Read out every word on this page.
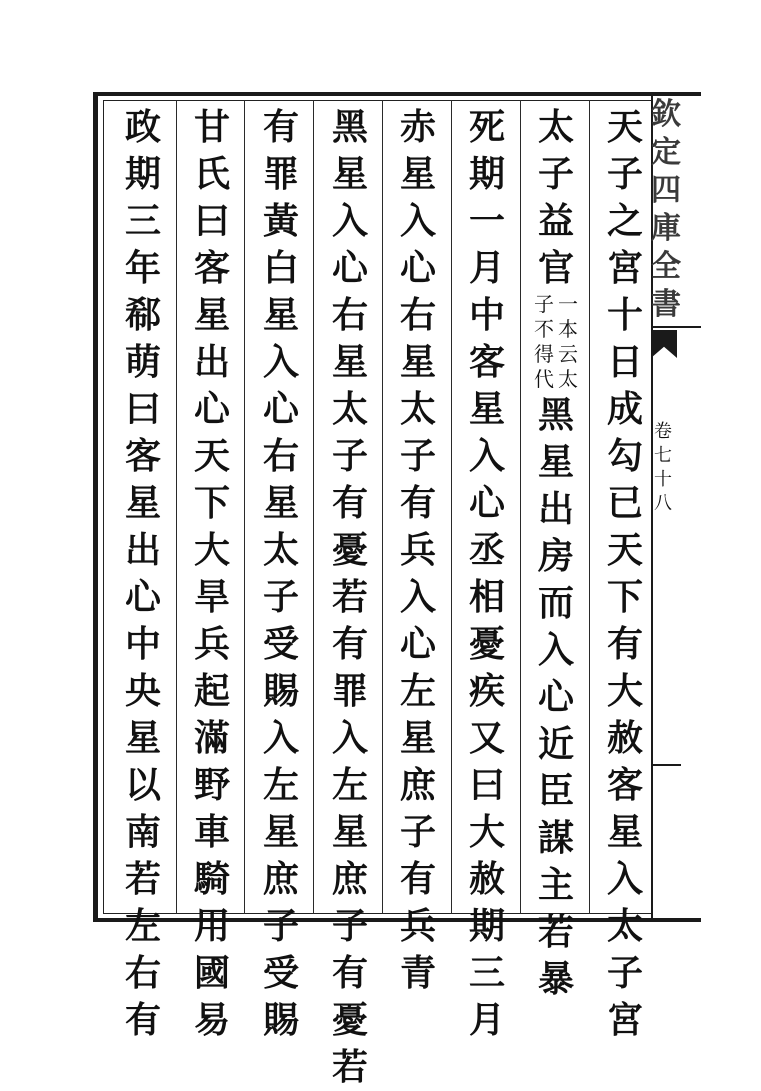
欽
定
四
庫
全
書
卷
七
十
八
天
子
之
宮
十
日
成
勾
已
天
下
有
大
赦
客
星
入
太
子
宮
太
子
益
官
一
本
云
太
子
不
得
代
黑
星
出
房
而
入
心
近
臣
謀
主
若
暴
死
期
一
月
中
客
星
入
心
丞
相
憂
疾
又
曰
大
赦
期
三
月
赤
星
入
心
右
星
太
子
有
兵
入
心
左
星
庶
子
有
兵
青
黑
星
入
心
右
星
太
子
有
憂
若
有
罪
入
左
星
庶
子
有
憂
若
有
罪
黃
白
星
入
心
右
星
太
子
受
賜
入
左
星
庶
子
受
賜
甘
氏
曰
客
星
出
心
天
下
大
旱
兵
起
滿
野
車
騎
用
國
易
政
期
三
年
郗
萌
曰
客
星
出
心
中
央
星
以
南
若
左
右
有
